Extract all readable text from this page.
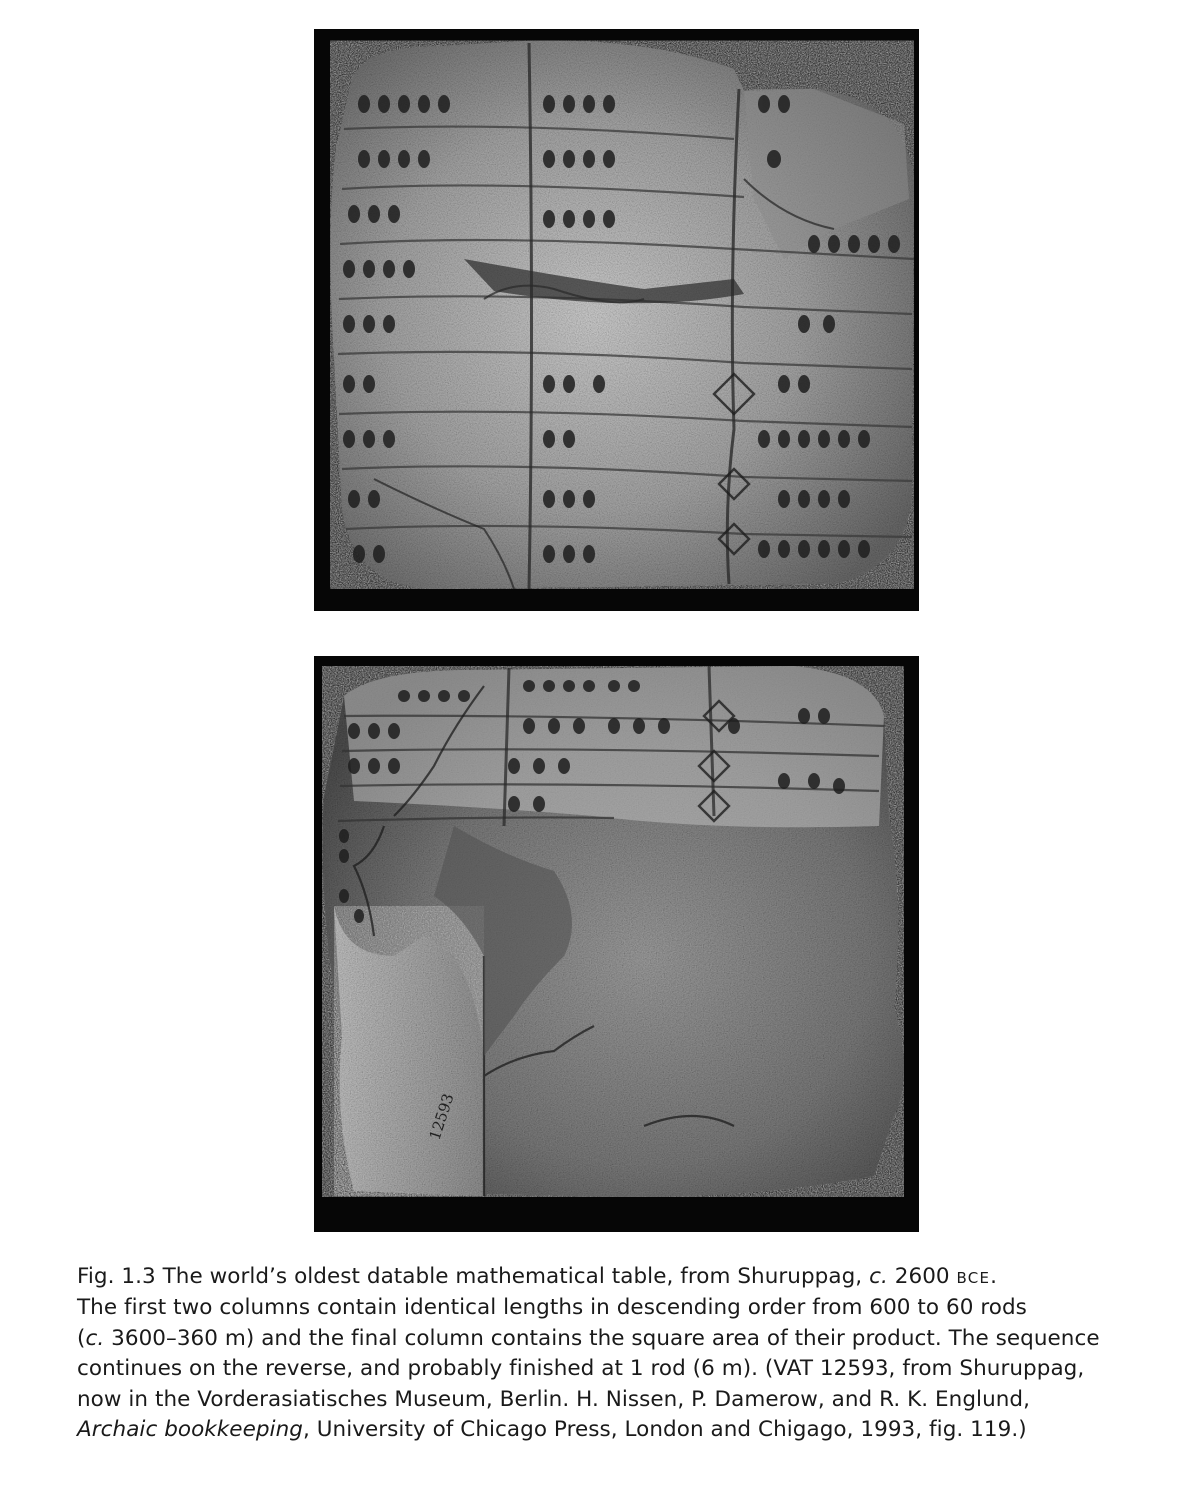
12593

Fig. 1.3 The world’s oldest datable mathematical table, from Shuruppag, c. 2600 BCE.

The first two columns contain identical lengths in descending order from 600 to 60 rods

(c. 3600–360 m) and the final column contains the square area of their product. The sequence

continues on the reverse, and probably finished at 1 rod (6 m). (VAT 12593, from Shuruppag,

now in the Vorderasiatisches Museum, Berlin. H. Nissen, P. Damerow, and R. K. Englund,

Archaic bookkeeping, University of Chicago Press, London and Chigago, 1993, fig. 119.)
